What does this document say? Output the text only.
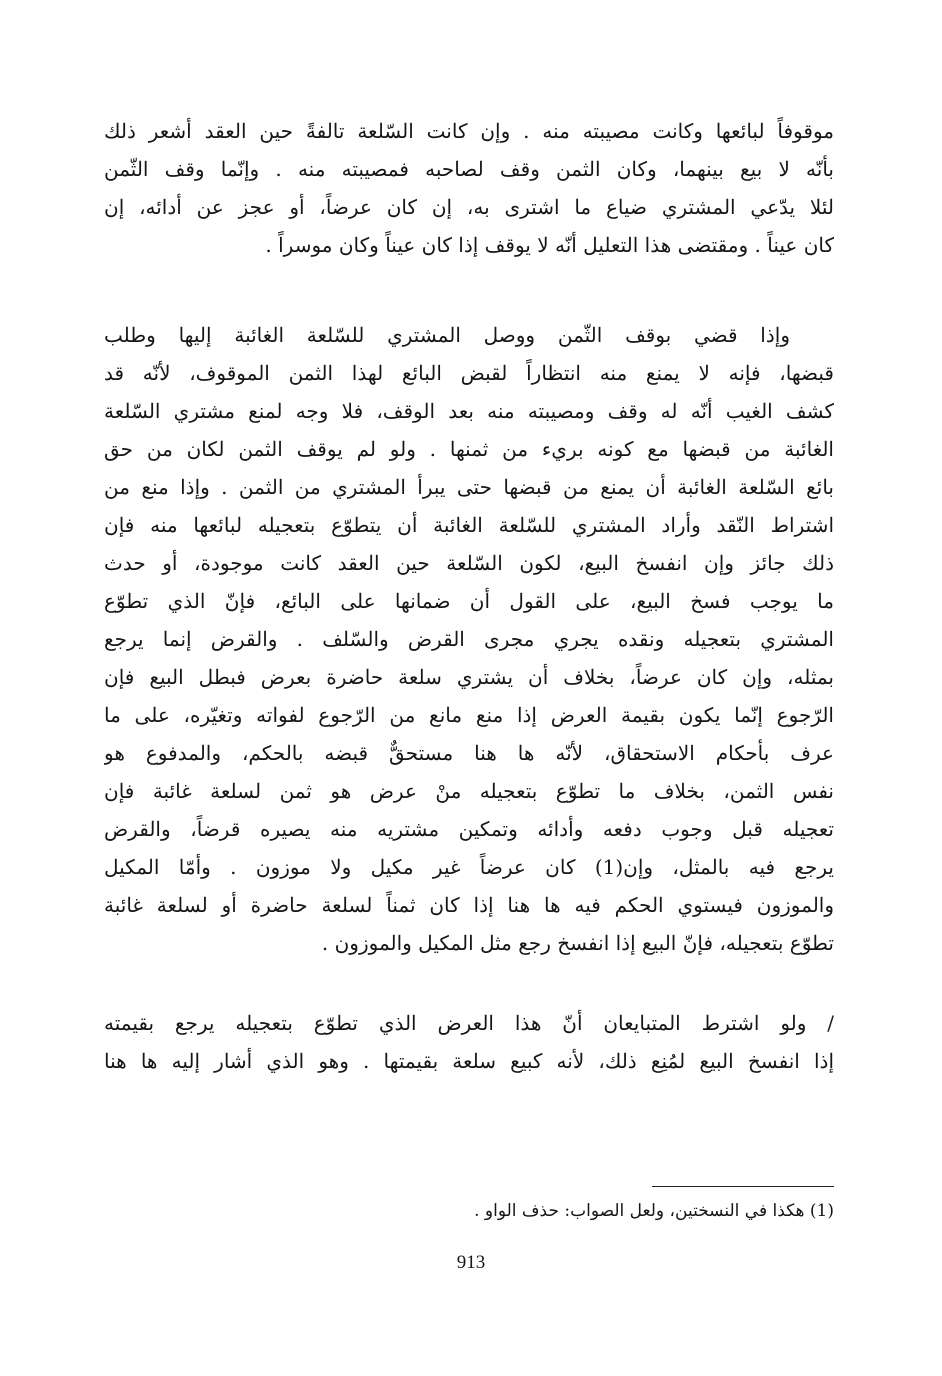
موقوفاً لبائعها وكانت مصيبته منه . وإن كانت السّلعة تالفةً حين العقد أشعر ذلك
بأنّه لا بيع بينهما، وكان الثمن وقف لصاحبه فمصيبته منه . وإنّما وقف الثّمن
لئلا يدّعي المشتري ضياع ما اشترى به، إن كان عرضاً، أو عجز عن أدائه، إن
كان عيناً . ومقتضى هذا التعليل أنّه لا يوقف إذا كان عيناً وكان موسراً .
وإذا قضي بوقف الثّمن ووصل المشتري للسّلعة الغائبة إليها وطلب
قبضها، فإنه لا يمنع منه انتظاراً لقبض البائع لهذا الثمن الموقوف، لأنّه قد
كشف الغيب أنّه له وقف ومصيبته منه بعد الوقف، فلا وجه لمنع مشتري السّلعة
الغائبة من قبضها مع كونه بريء من ثمنها . ولو لم يوقف الثمن لكان من حق
بائع السّلعة الغائبة أن يمنع من قبضها حتى يبرأ المشتري من الثمن . وإذا منع من
اشتراط النّقد وأراد المشتري للسّلعة الغائبة أن يتطوّع بتعجيله لبائعها منه فإن
ذلك جائز وإن انفسخ البيع، لكون السّلعة حين العقد كانت موجودة، أو حدث
ما يوجب فسخ البيع، على القول أن ضمانها على البائع، فإنّ الذي تطوّع
المشتري بتعجيله ونقده يجري مجرى القرض والسّلف . والقرض إنما يرجع
بمثله، وإن كان عرضاً، بخلاف أن يشتري سلعة حاضرة بعرض فبطل البيع فإن
الرّجوع إنّما يكون بقيمة العرض إذا منع مانع من الرّجوع لفواته وتغيّره، على ما
عرف بأحكام الاستحقاق، لأنّه ها هنا مستحقٌّ قبضه بالحكم، والمدفوع هو
نفس الثمن، بخلاف ما تطوّع بتعجيله منْ عرض هو ثمن لسلعة غائبة فإن
تعجيله قبل وجوب دفعه وأدائه وتمكين مشتريه منه يصيره قرضاً، والقرض
يرجع فيه بالمثل، وإن(1) كان عرضاً غير مكيل ولا موزون . وأمّا المكيل
والموزون فيستوي الحكم فيه ها هنا إذا كان ثمناً لسلعة حاضرة أو لسلعة غائبة
تطوّع بتعجيله، فإنّ البيع إذا انفسخ رجع مثل المكيل والموزون .
/ ولو اشترط المتبايعان أنّ هذا العرض الذي تطوّع بتعجيله يرجع بقيمته
إذا انفسخ البيع لمُنِع ذلك، لأنه كبيع سلعة بقيمتها . وهو الذي أشار إليه ها هنا
(1) هكذا في النسختين، ولعل الصواب: حذف الواو .
913
